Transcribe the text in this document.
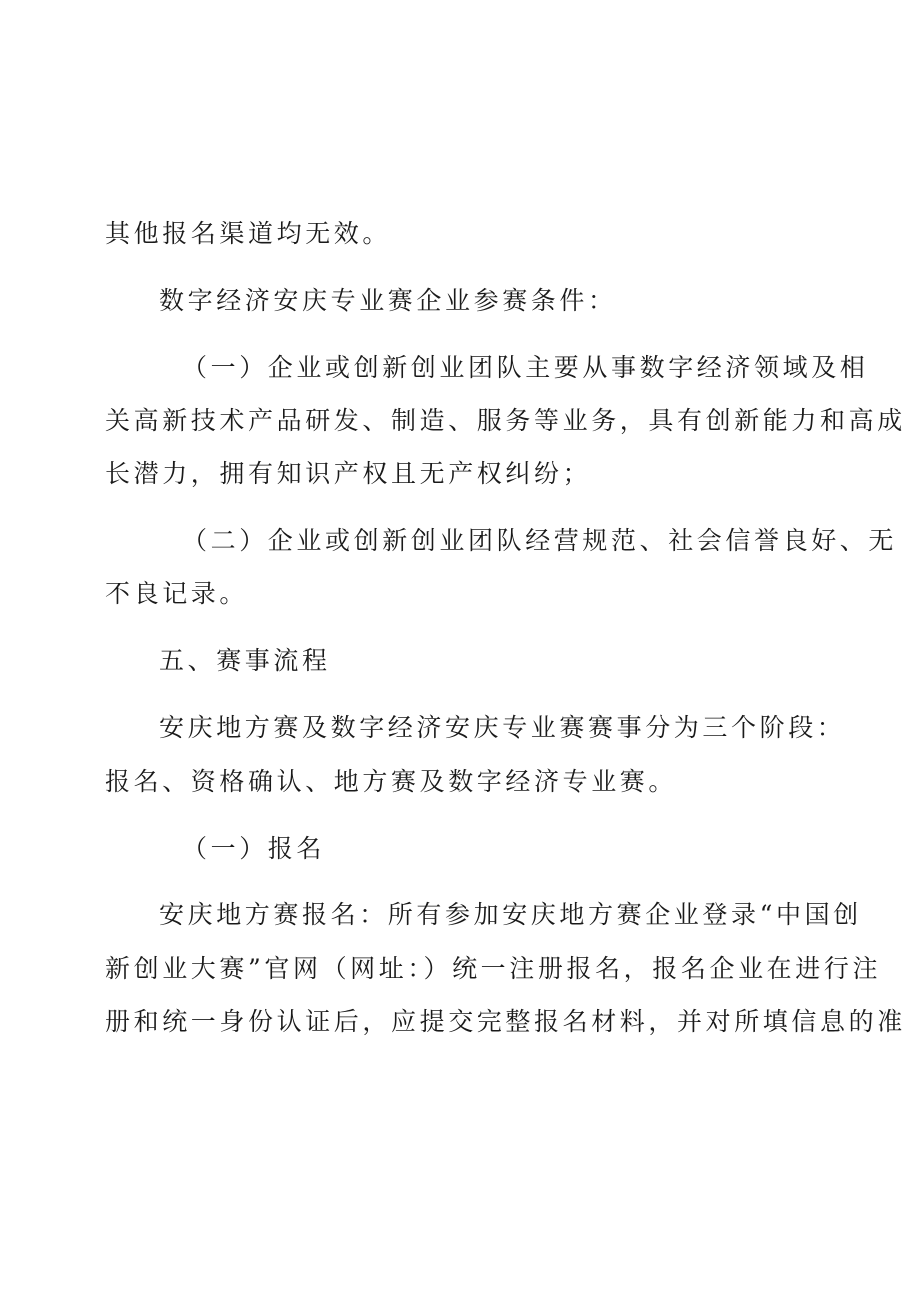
其他报名渠道均无效。
数字经济安庆专业赛企业参赛条件：
（一）企业或创新创业团队主要从事数字经济领域及相
关高新技术产品研发、制造、服务等业务，具有创新能力和高成
长潜力，拥有知识产权且无产权纠纷；
（二）企业或创新创业团队经营规范、社会信誉良好、无
不良记录。
五、赛事流程
安庆地方赛及数字经济安庆专业赛赛事分为三个阶段：
报名、资格确认、地方赛及数字经济专业赛。
（一）报名
安庆地方赛报名：所有参加安庆地方赛企业登录“中国创
新创业大赛”官网（网址：）统一注册报名，报名企业在进行注
册和统一身份认证后，应提交完整报名材料，并对所填信息的准
